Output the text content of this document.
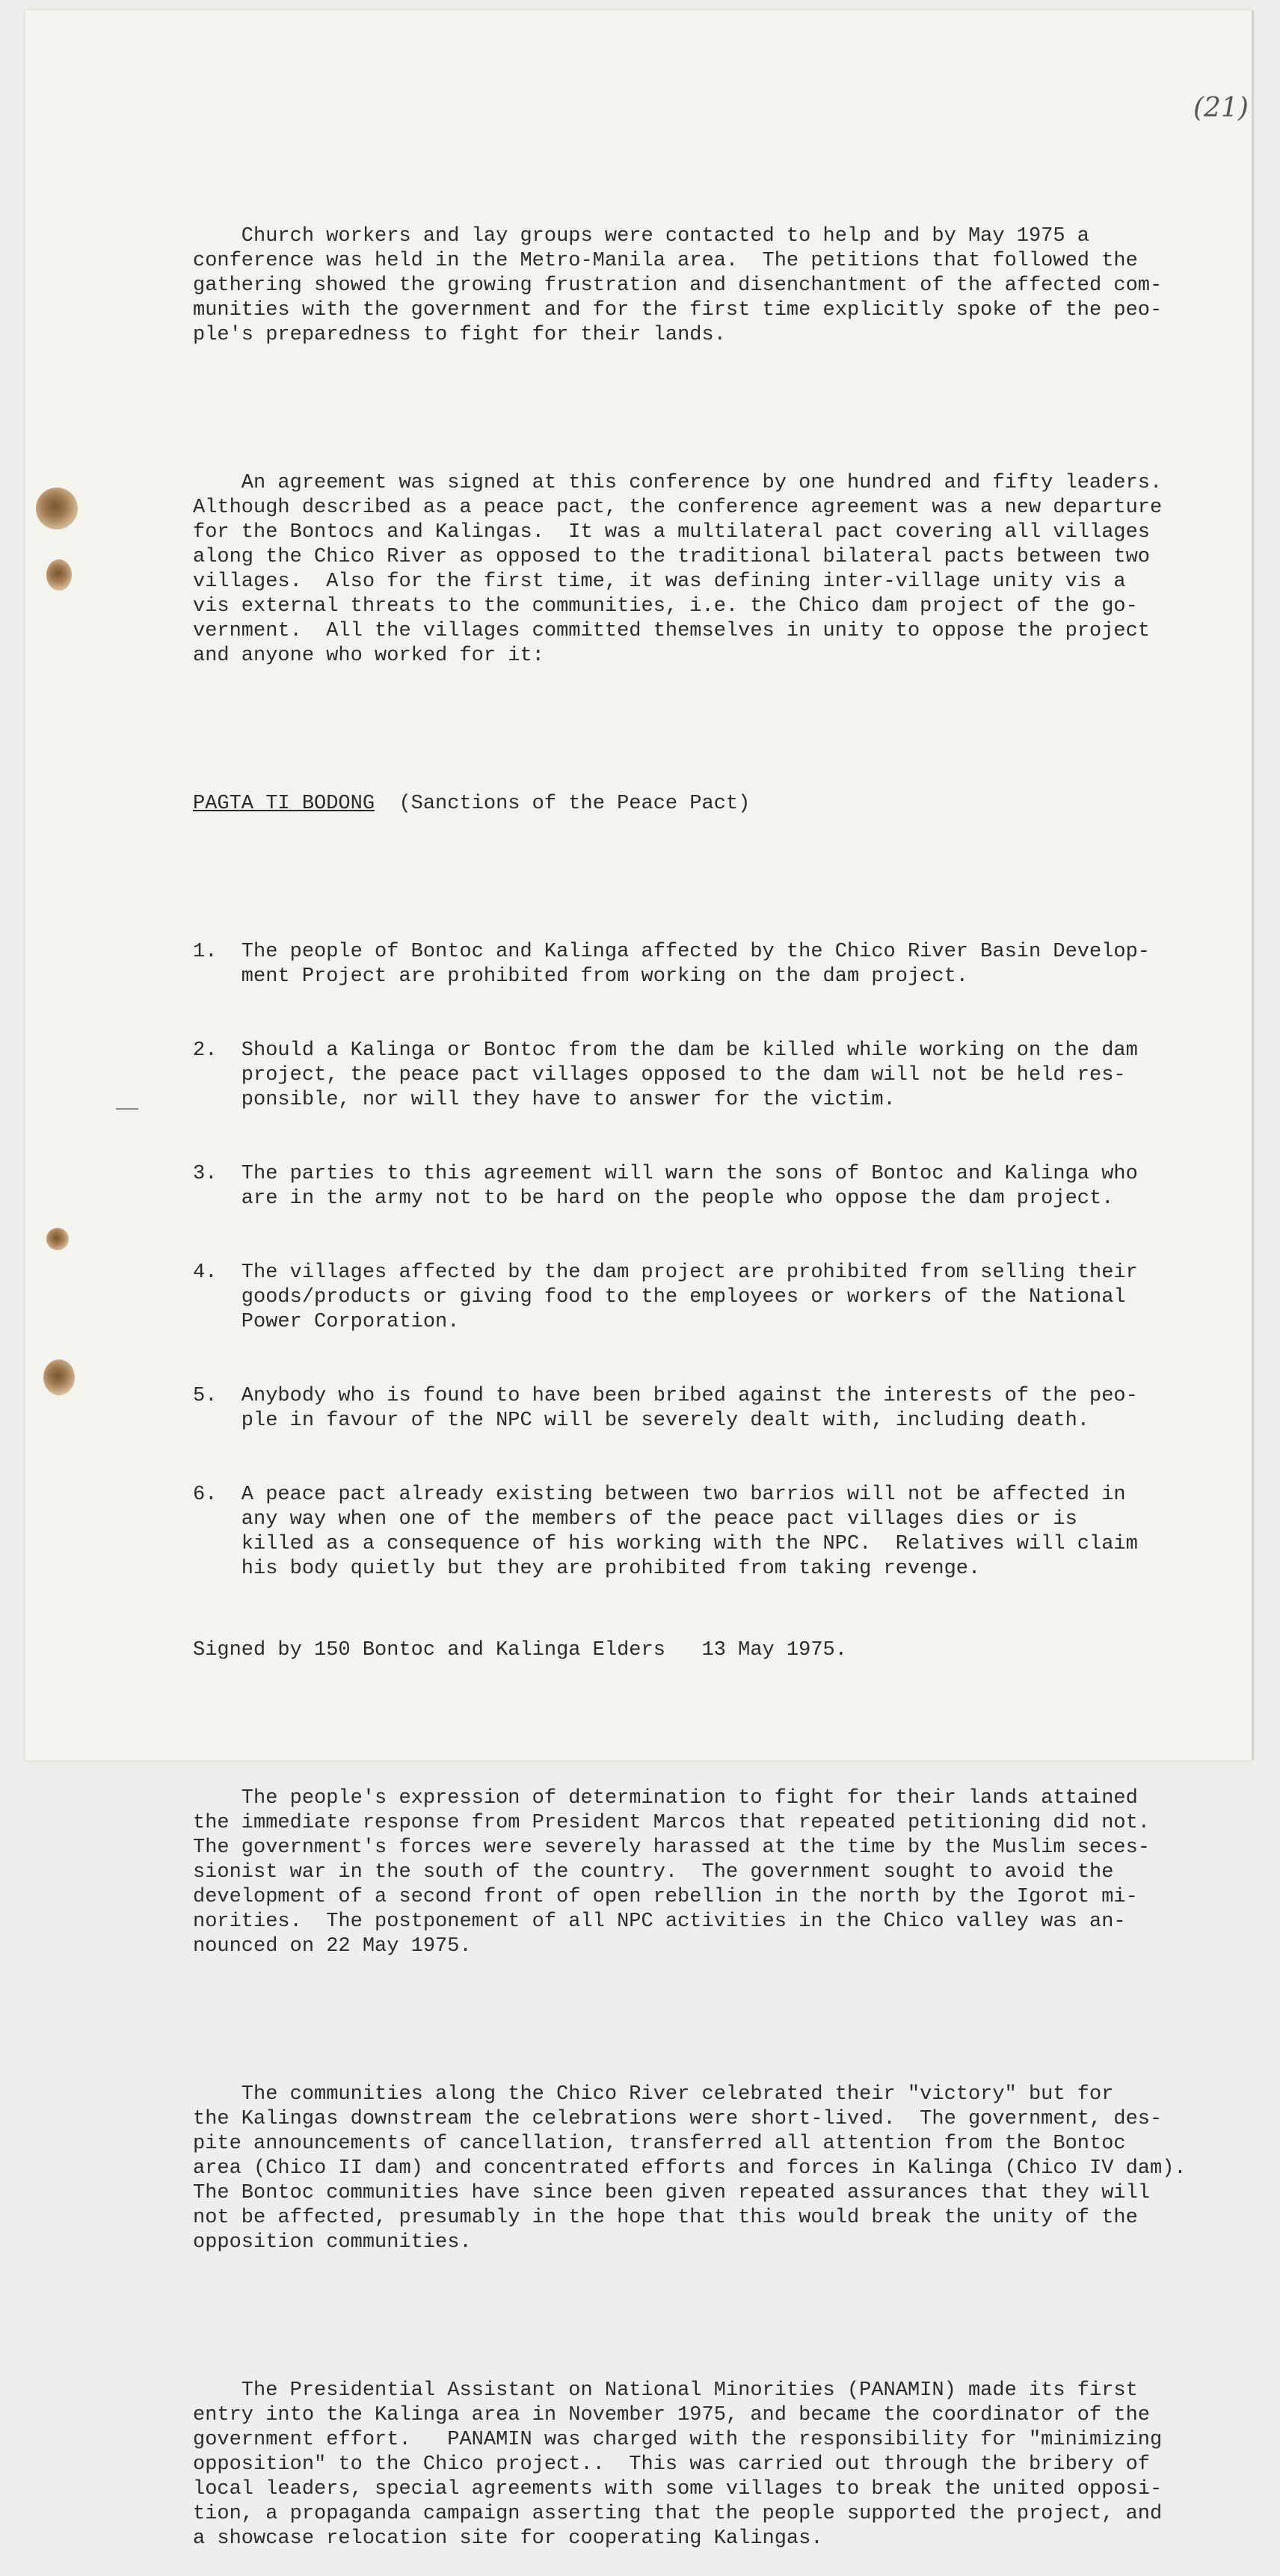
(21)

Church workers and lay groups were contacted to help and by May 1975 a
conference was held in the Metro-Manila area.  The petitions that followed the
gathering showed the growing frustration and disenchantment of the affected com-
munities with the government and for the first time explicitly spoke of the peo-
ple's preparedness to fight for their lands.

An agreement was signed at this conference by one hundred and fifty leaders.
Although described as a peace pact, the conference agreement was a new departure
for the Bontocs and Kalingas.  It was a multilateral pact covering all villages
along the Chico River as opposed to the traditional bilateral pacts between two
villages.  Also for the first time, it was defining inter-village unity vis a
vis external threats to the communities, i.e. the Chico dam project of the go-
vernment.  All the villages committed themselves in unity to oppose the project
and anyone who worked for it:

PAGTA TI BODONG  (Sanctions of the Peace Pact)

1.  The people of Bontoc and Kalinga affected by the Chico River Basin Develop-
ment Project are prohibited from working on the dam project.

2.  Should a Kalinga or Bontoc from the dam be killed while working on the dam
project, the peace pact villages opposed to the dam will not be held res-
ponsible, nor will they have to answer for the victim.

3.  The parties to this agreement will warn the sons of Bontoc and Kalinga who
are in the army not to be hard on the people who oppose the dam project.

4.  The villages affected by the dam project are prohibited from selling their
goods/products or giving food to the employees or workers of the National
Power Corporation.

5.  Anybody who is found to have been bribed against the interests of the peo-
ple in favour of the NPC will be severely dealt with, including death.

6.  A peace pact already existing between two barrios will not be affected in
any way when one of the members of the peace pact villages dies or is
killed as a consequence of his working with the NPC.  Relatives will claim
his body quietly but they are prohibited from taking revenge.

Signed by 150 Bontoc and Kalinga Elders   13 May 1975.

The people's expression of determination to fight for their lands attained
the immediate response from President Marcos that repeated petitioning did not.
The government's forces were severely harassed at the time by the Muslim seces-
sionist war in the south of the country.  The government sought to avoid the
development of a second front of open rebellion in the north by the Igorot mi-
norities.  The postponement of all NPC activities in the Chico valley was an-
nounced on 22 May 1975.

The communities along the Chico River celebrated their "victory" but for
the Kalingas downstream the celebrations were short-lived.  The government, des-
pite announcements of cancellation, transferred all attention from the Bontoc
area (Chico II dam) and concentrated efforts and forces in Kalinga (Chico IV dam).
The Bontoc communities have since been given repeated assurances that they will
not be affected, presumably in the hope that this would break the unity of the
opposition communities.

The Presidential Assistant on National Minorities (PANAMIN) made its first
entry into the Kalinga area in November 1975, and became the coordinator of the
government effort.   PANAMIN was charged with the responsibility for "minimizing
opposition" to the Chico project..  This was carried out through the bribery of
local leaders, special agreements with some villages to break the united opposi-
tion, a propaganda campaign asserting that the people supported the project, and
a showcase relocation site for cooperating Kalingas.
